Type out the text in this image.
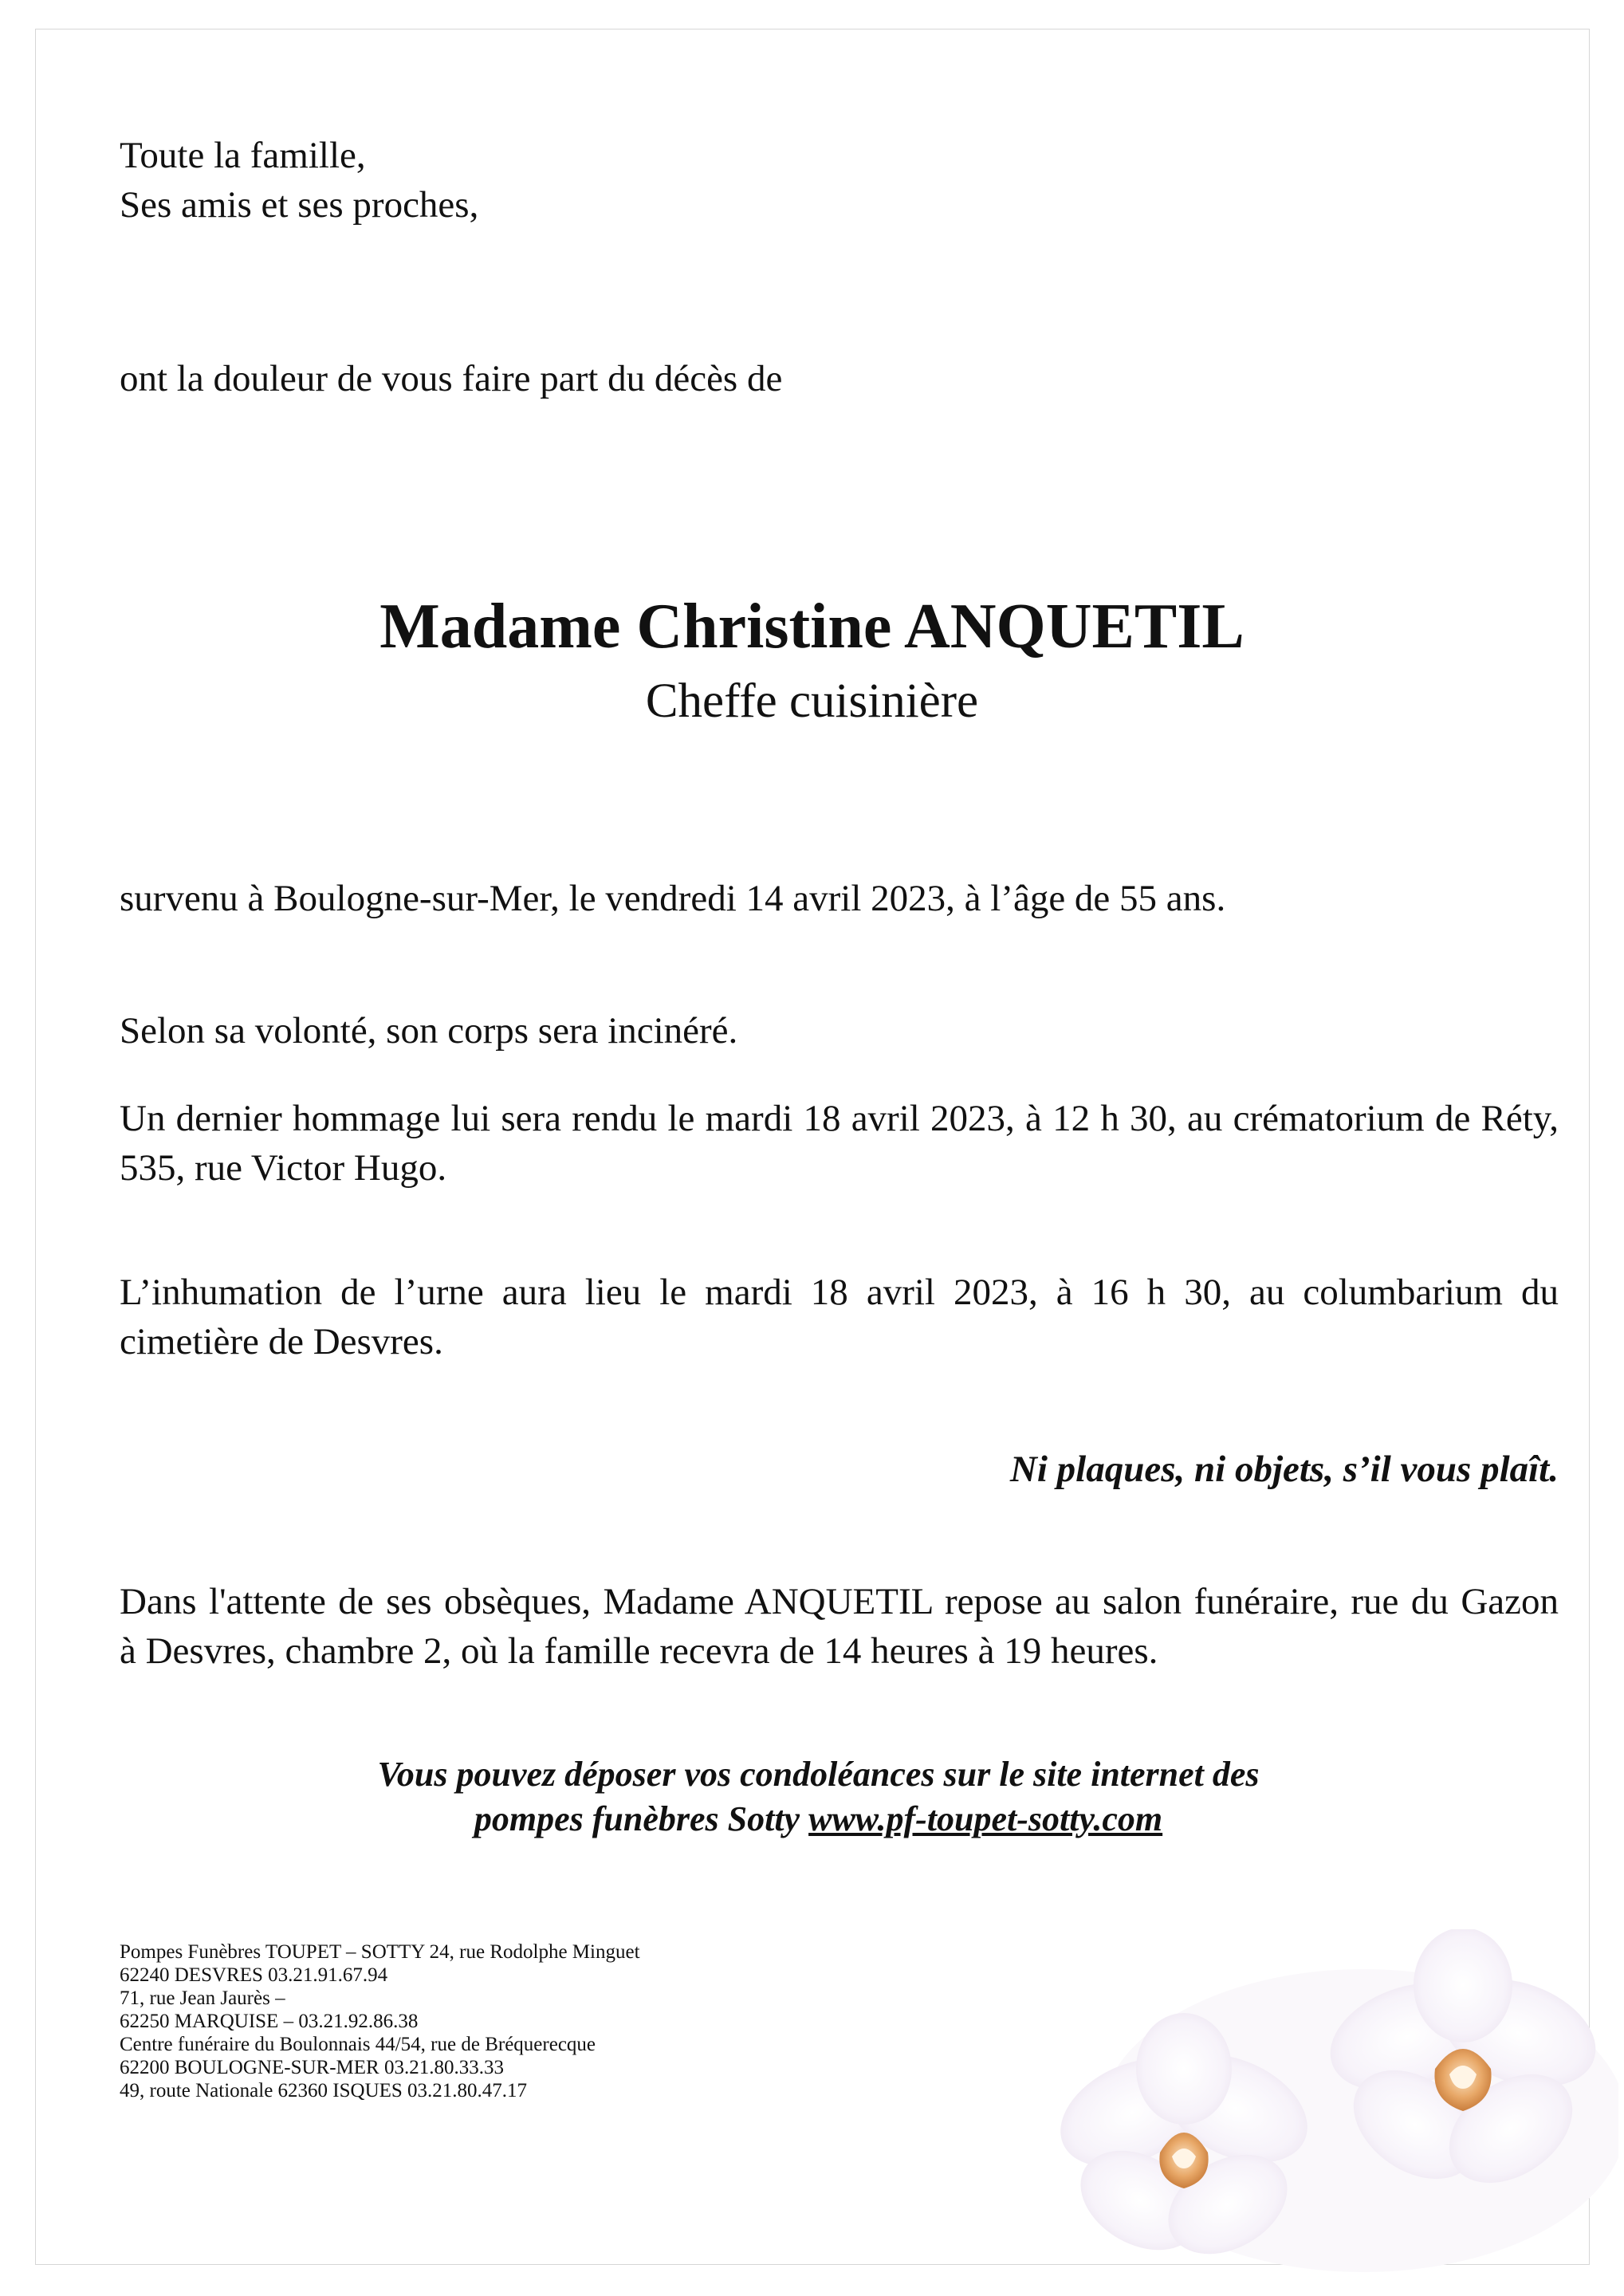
Toute la famille,
Ses amis et ses proches,
ont la douleur de vous faire part du décès de
Madame Christine ANQUETIL
Cheffe cuisinière
survenu à Boulogne-sur-Mer, le vendredi 14 avril 2023, à l’âge de 55 ans.
Selon sa volonté, son corps sera incinéré.
Un dernier hommage lui sera rendu le mardi 18 avril 2023, à 12 h 30, au crématorium de Réty,
535, rue Victor Hugo.
L’inhumation de l’urne aura lieu le mardi 18 avril 2023, à 16 h 30, au columbarium du
cimetière de Desvres.
Ni plaques, ni objets, s’il vous plaît.
Dans l'attente de ses obsèques, Madame ANQUETIL repose au salon funéraire, rue du Gazon
à Desvres, chambre 2, où la famille recevra de 14 heures à 19 heures.
Vous pouvez déposer vos condoléances sur le site internet des
pompes funèbres Sotty www.pf-toupet-sotty.com
Pompes Funèbres TOUPET – SOTTY 24, rue Rodolphe Minguet
62240 DESVRES 03.21.91.67.94
71, rue Jean Jaurès –
62250 MARQUISE – 03.21.92.86.38
Centre funéraire du Boulonnais 44/54, rue de Bréquerecque
62200 BOULOGNE-SUR-MER 03.21.80.33.33
49, route Nationale 62360 ISQUES 03.21.80.47.17
